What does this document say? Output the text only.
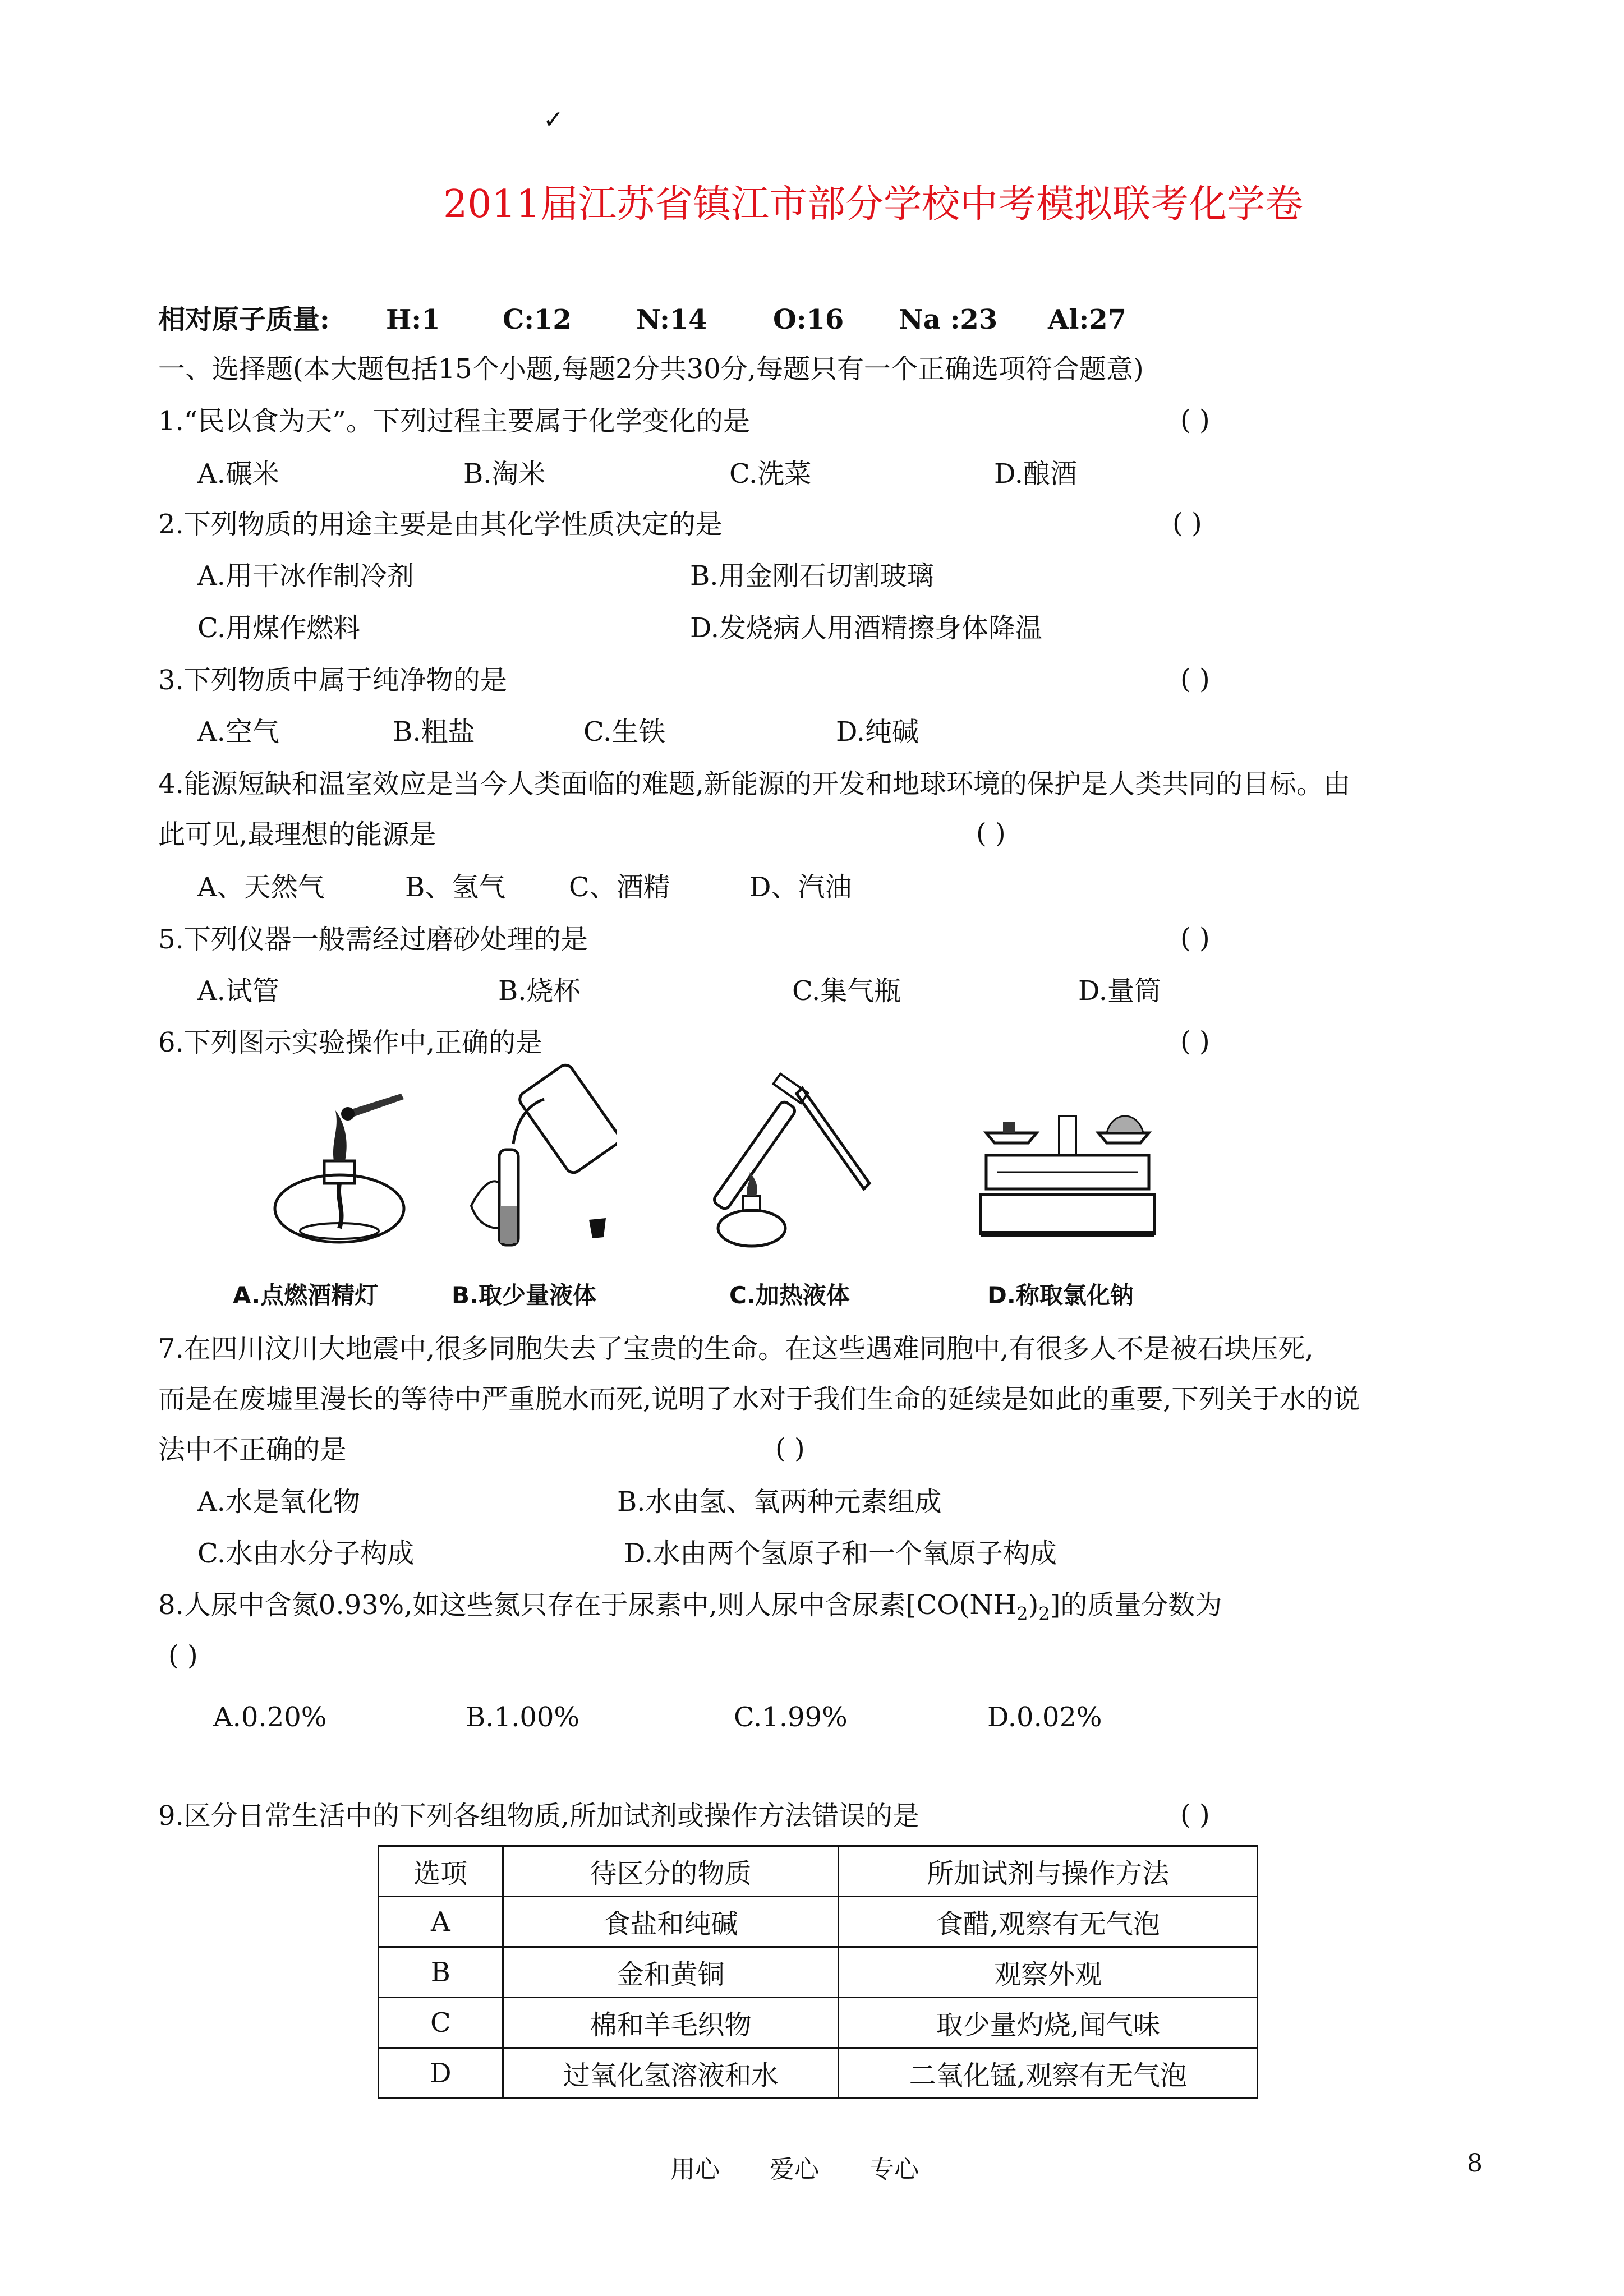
✓
2011届江苏省镇江市部分学校中考模拟联考化学卷
相对原子质量: H:1 C:12 N:14 O:16 Na :23 Al:27
一、选择题(本大题包括15个小题,每题2分共30分,每题只有一个正确选项符合题意)
1.“民以食为天”。下列过程主要属于化学变化的是	( )
A.碾米	B.淘米	C.洗菜	D.酿酒
2.下列物质的用途主要是由其化学性质决定的是	( )
A.用干冰作制冷剂	B.用金刚石切割玻璃
C.用煤作燃料	D.发烧病人用酒精擦身体降温
3.下列物质中属于纯净物的是	( )
A.空气	B.粗盐	C.生铁	D.纯碱
4.能源短缺和温室效应是当今人类面临的难题,新能源的开发和地球环境的保护是人类共同的目标。由
此可见,最理想的能源是	( )
A、天然气	B、氢气 C、酒精	D、汽油
5.下列仪器一般需经过磨砂处理的是	( )
A.试管	B.烧杯	C.集气瓶	D.量筒
6.下列图示实验操作中,正确的是	( )
A.点燃酒精灯	B.取少量液体	C.加热液体	D.称取氯化钠
7.在四川汶川大地震中,很多同胞失去了宝贵的生命。在这些遇难同胞中,有很多人不是被石块压死,
而是在废墟里漫长的等待中严重脱水而死,说明了水对于我们生命的延续是如此的重要,下列关于水的说
法中不正确的是	( )
A.水是氧化物	B.水由氢、氧两种元素组成
C.水由水分子构成	D.水由两个氢原子和一个氧原子构成
8.人尿中含氮0.93%,如这些氮只存在于尿素中,则人尿中含尿素$[CO(NH_2)_2]$的质量分数为
( )
A.0.20%	B.1.00%	C.1.99%	D.0.02%
9.区分日常生活中的下列各组物质,所加试剂或操作方法错误的是	( )
选项	待区分的物质	所加试剂与操作方法
A	食盐和纯碱	食醋,观察有无气泡
B	金和黄铜	观察外观
C	棉和羊毛织物	取少量灼烧,闻气味
D	过氧化氢溶液和水	二氧化锰,观察有无气泡
用心 爱心 专心	8
